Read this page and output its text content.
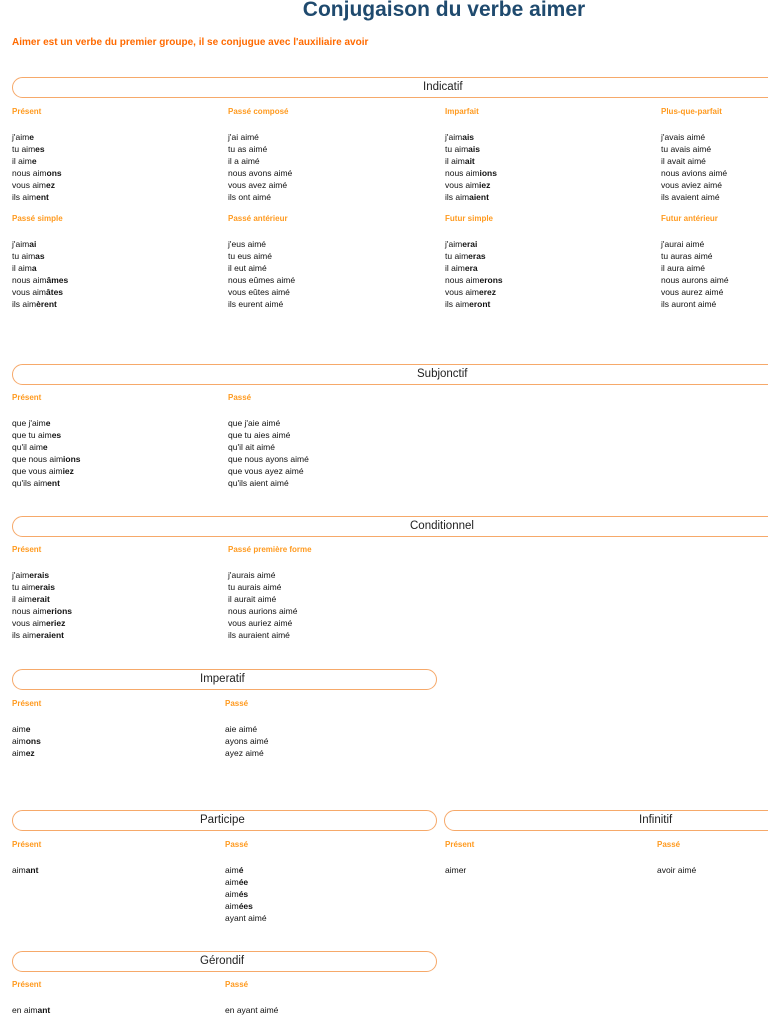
Conjugaison du verbe aimer
Aimer est un verbe du premier groupe, il se conjugue avec l'auxiliaire avoir
Indicatif
Subjonctif
Conditionnel
Imperatif
Participe	Infinitif
Gérondif
Présent
j'aime
tu aimes
il aime
nous aimons
vous aimez
ils aiment
Passé composé
j'ai aimé
tu as aimé
il a aimé
nous avons aimé
vous avez aimé
ils ont aimé
Imparfait
j'aimais
tu aimais
il aimait
nous aimions
vous aimiez
ils aimaient
Plus-que-parfait
j'avais aimé
tu avais aimé
il avait aimé
nous avions aimé
vous aviez aimé
ils avaient aimé
Passé simple
j'aimai
tu aimas
il aima
nous aimâmes
vous aimâtes
ils aimèrent
Passé antérieur
j'eus aimé
tu eus aimé
il eut aimé
nous eûmes aimé
vous eûtes aimé
ils eurent aimé
Futur simple
j'aimerai
tu aimeras
il aimera
nous aimerons
vous aimerez
ils aimeront
Futur antérieur
j'aurai aimé
tu auras aimé
il aura aimé
nous aurons aimé
vous aurez aimé
ils auront aimé
Présent
que j'aime
que tu aimes
qu'il aime
que nous aimions
que vous aimiez
qu'ils aiment
Passé
que j'aie aimé
que tu aies aimé
qu'il ait aimé
que nous ayons aimé
que vous ayez aimé
qu'ils aient aimé
Présent
j'aimerais
tu aimerais
il aimerait
nous aimerions
vous aimeriez
ils aimeraient
Passé première forme
j'aurais aimé
tu aurais aimé
il aurait aimé
nous aurions aimé
vous auriez aimé
ils auraient aimé
Présent
aime
aimons
aimez
Passé
aie aimé
ayons aimé
ayez aimé
Présent
aimant
Passé
aimé
aimée
aimés
aimées
ayant aimé
Présent
aimer
Passé
avoir aimé
Présent
en aimant
Passé
en ayant aimé
